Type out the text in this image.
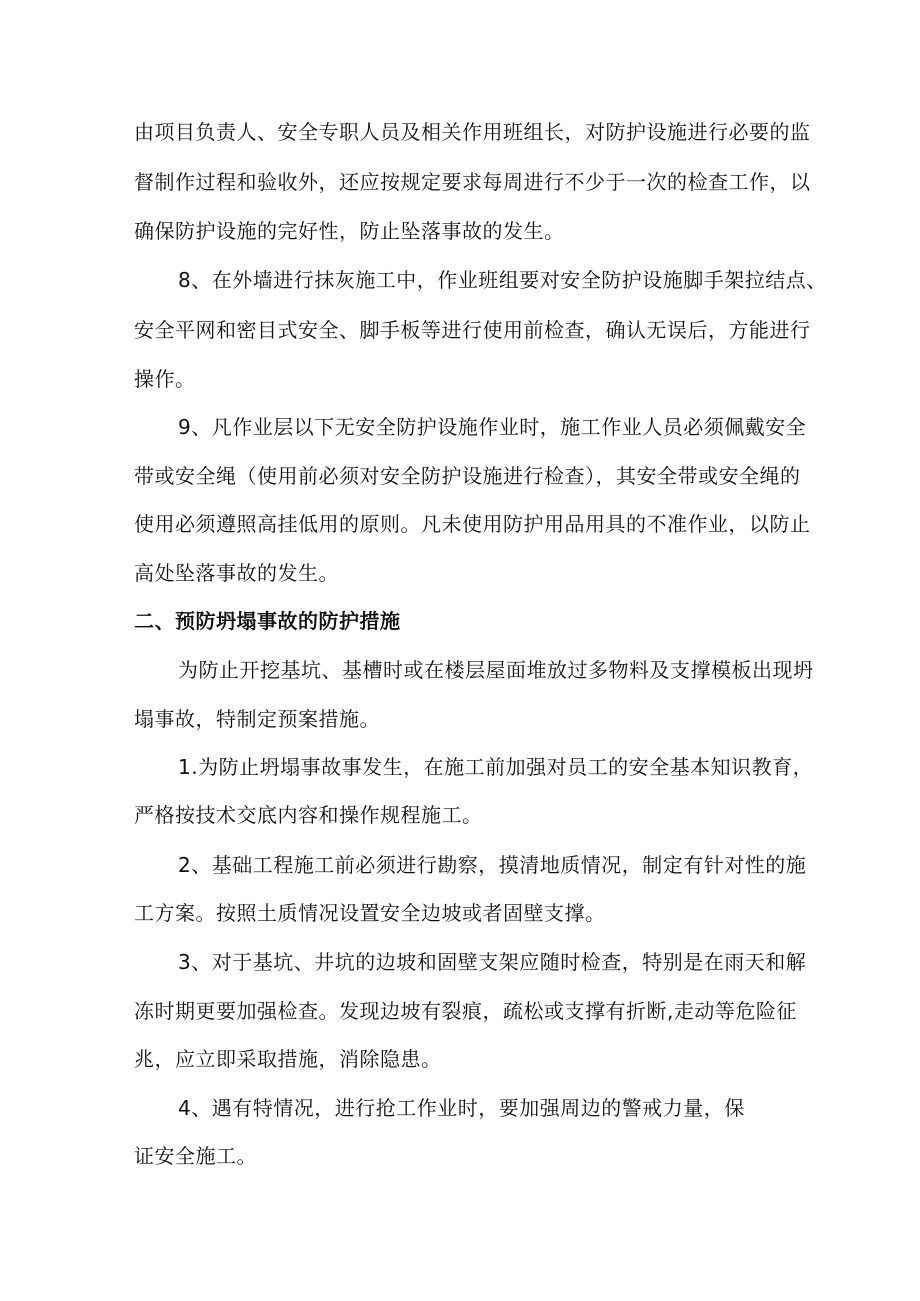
由项目负责人、安全专职人员及相关作用班组长，对防护设施进行必要的监
督制作过程和验收外，还应按规定要求每周进行不少于一次的检查工作，以
确保防护设施的完好性，防止坠落事故的发生。
8、在外墙进行抹灰施工中，作业班组要对安全防护设施脚手架拉结点、
安全平网和密目式安全、脚手板等进行使用前检查，确认无误后，方能进行
操作。
9、凡作业层以下无安全防护设施作业时，施工作业人员必须佩戴安全
带或安全绳（使用前必须对安全防护设施进行检查），其安全带或安全绳的
使用必须遵照高挂低用的原则。凡未使用防护用品用具的不准作业，以防止
高处坠落事故的发生。
二、预防坍塌事故的防护措施
为防止开挖基坑、基槽时或在楼层屋面堆放过多物料及支撑模板出现坍
塌事故，特制定预案措施。
1.为防止坍塌事故事发生，在施工前加强对员工的安全基本知识教育，
严格按技术交底内容和操作规程施工。
2、基础工程施工前必须进行勘察，摸清地质情况，制定有针对性的施
工方案。按照土质情况设置安全边坡或者固壁支撑。
3、对于基坑、井坑的边坡和固壁支架应随时检查，特别是在雨天和解
冻时期更要加强检查。发现边坡有裂痕，疏松或支撑有折断,走动等危险征
兆，应立即采取措施，消除隐患。
4、遇有特情况，进行抢工作业时，要加强周边的警戒力量，保
证安全施工。
